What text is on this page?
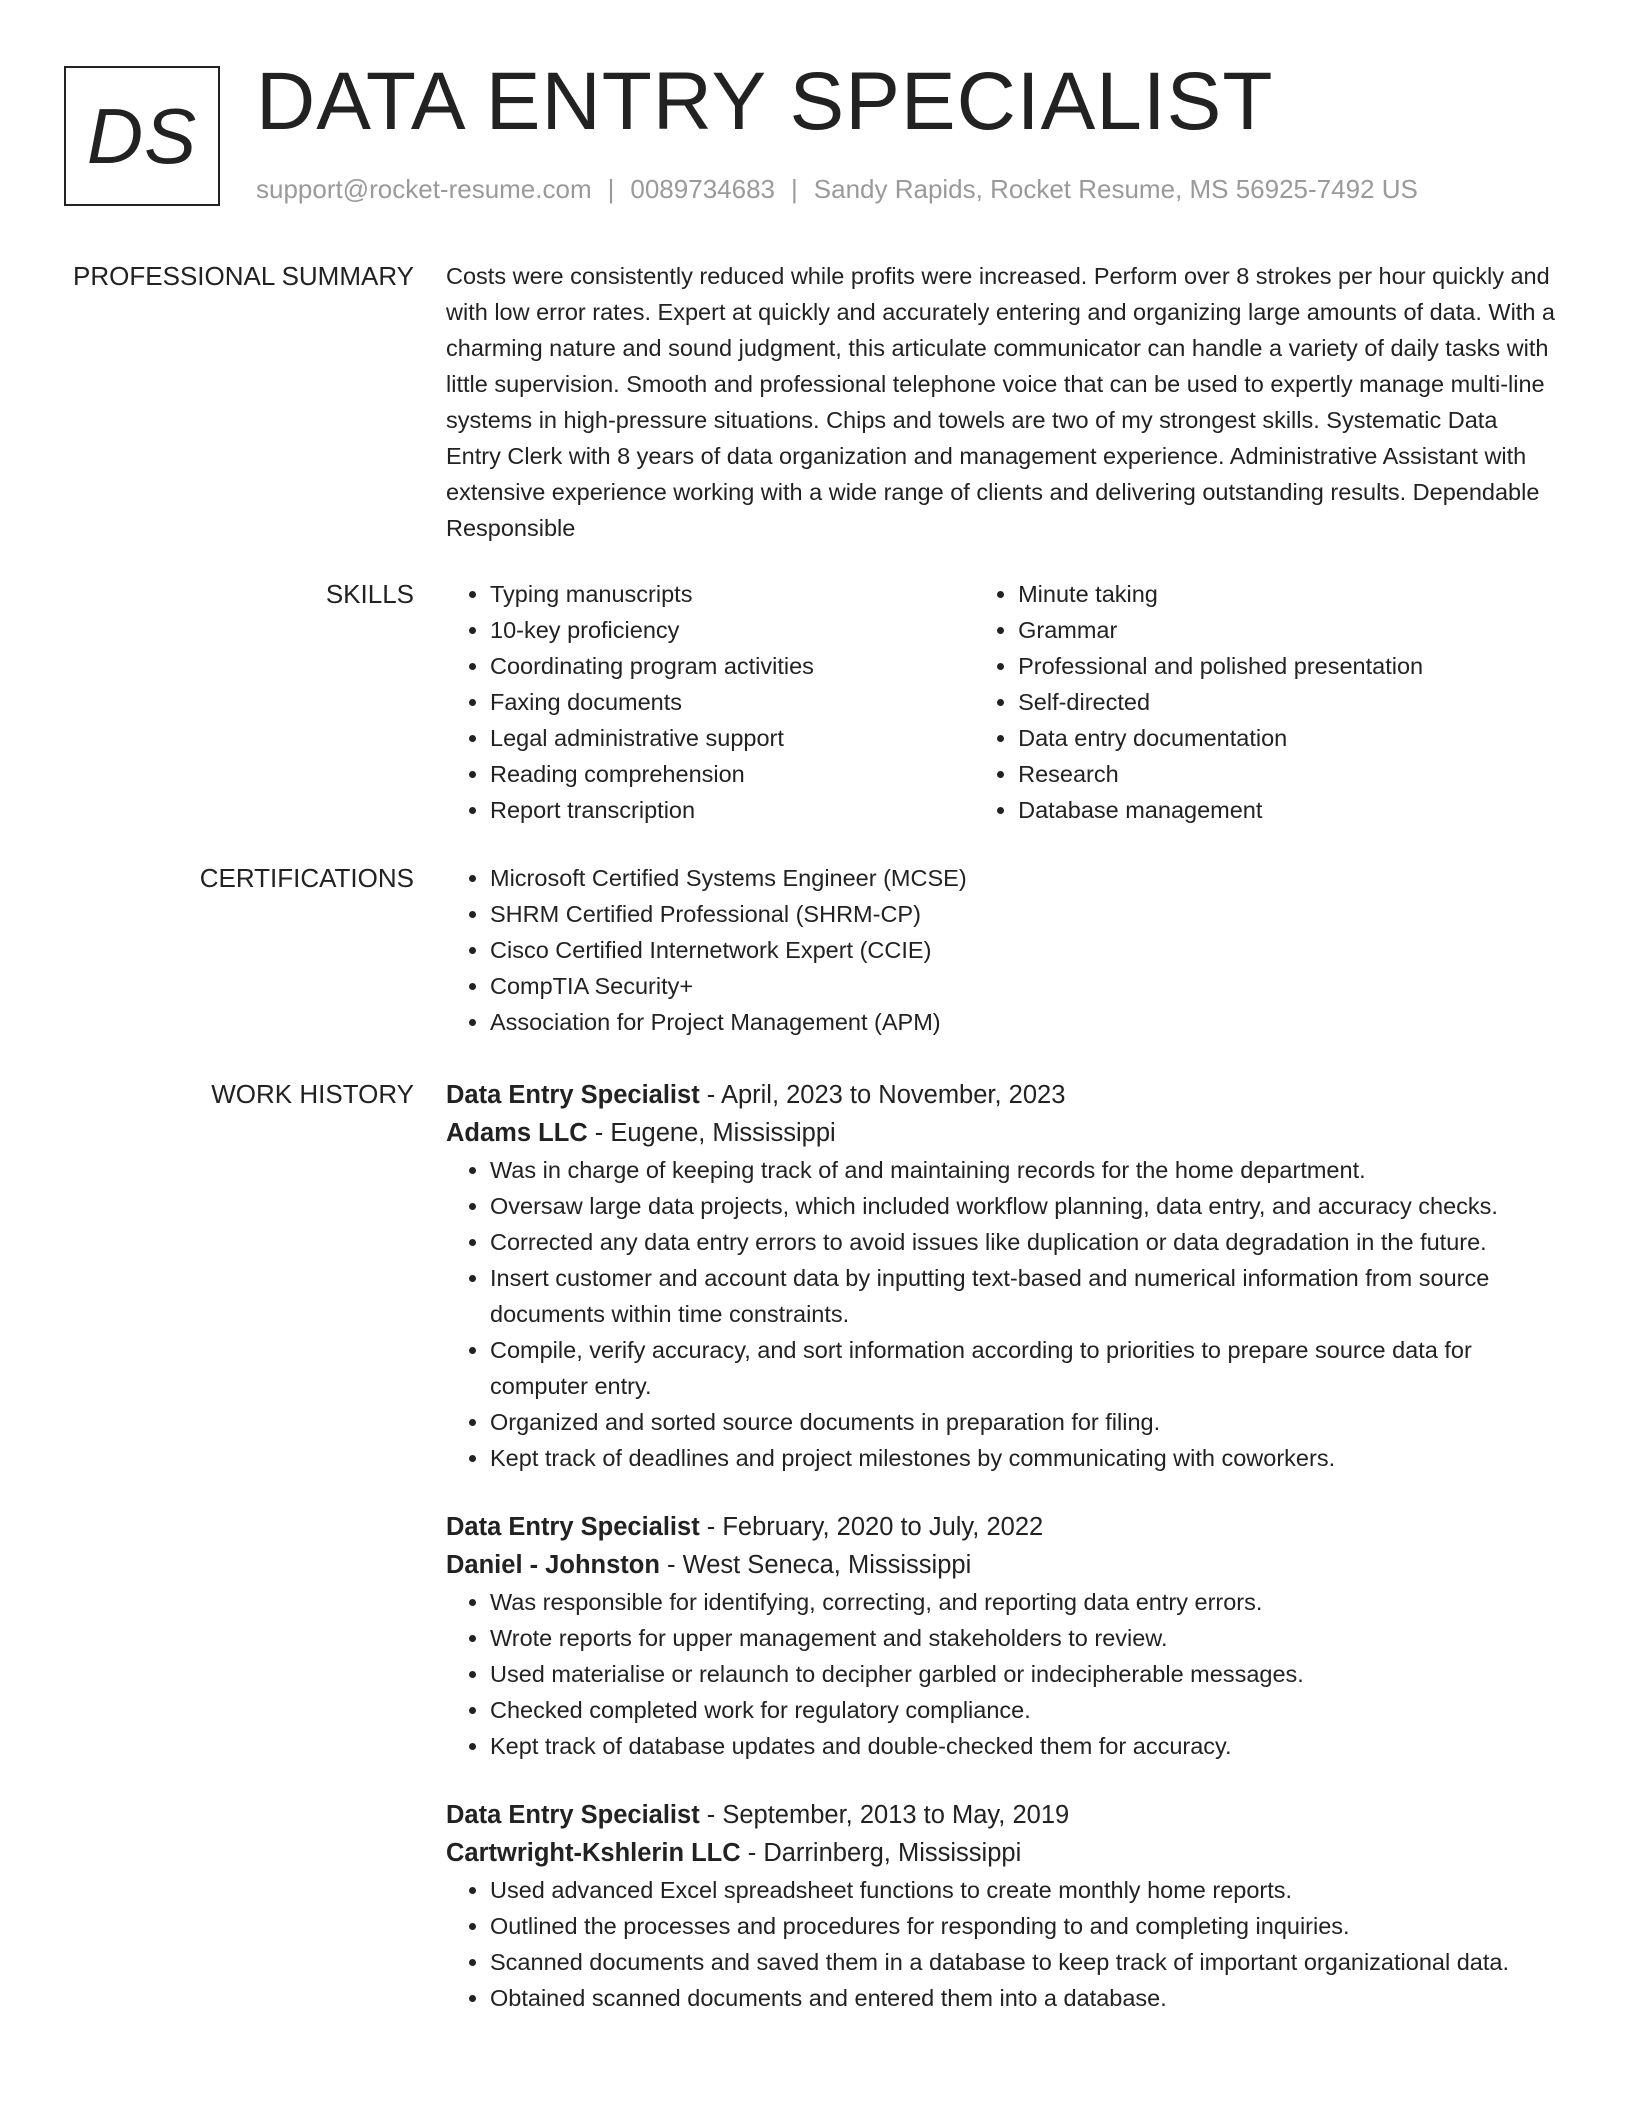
DS DATA ENTRY SPECIALIST
support@rocket-resume.com | 0089734683 | Sandy Rapids, Rocket Resume, MS 56925-7492 US
PROFESSIONAL SUMMARY Costs were consistently reduced while profits were increased. Perform over 8 strokes per hour quickly and with low error rates. Expert at quickly and accurately entering and organizing large amounts of data. With a charming nature and sound judgment, this articulate communicator can handle a variety of daily tasks with little supervision. Smooth and professional telephone voice that can be used to expertly manage multi-line systems in high-pressure situations. Chips and towels are two of my strongest skills. Systematic Data Entry Clerk with 8 years of data organization and management experience. Administrative Assistant with extensive experience working with a wide range of clients and delivering outstanding results. Dependable Responsible
SKILLS	• Typing manuscripts
• 10-key proficiency
• Coordinating program activities
• Faxing documents
• Legal administrative support
• Reading comprehension
• Report transcription
• Minute taking
• Grammar
• Professional and polished presentation
• Self-directed
• Data entry documentation
• Research
• Database management
CERTIFICATIONS	• Microsoft Certified Systems Engineer (MCSE)
• SHRM Certified Professional (SHRM-CP)
• Cisco Certified Internetwork Expert (CCIE)
• CompTIA Security+
• Association for Project Management (APM)
WORK HISTORY Data Entry Specialist - April, 2023 to November, 2023
Adams LLC - Eugene, Mississippi
• Was in charge of keeping track of and maintaining records for the home department.
• Oversaw large data projects, which included workflow planning, data entry, and accuracy checks.
• Corrected any data entry errors to avoid issues like duplication or data degradation in the future.
• Insert customer and account data by inputting text-based and numerical information from source documents within time constraints.
• Compile, verify accuracy, and sort information according to priorities to prepare source data for computer entry.
• Organized and sorted source documents in preparation for filing.
• Kept track of deadlines and project milestones by communicating with coworkers.
Data Entry Specialist - February, 2020 to July, 2022
Daniel - Johnston - West Seneca, Mississippi
• Was responsible for identifying, correcting, and reporting data entry errors.
• Wrote reports for upper management and stakeholders to review.
• Used materialise or relaunch to decipher garbled or indecipherable messages.
• Checked completed work for regulatory compliance.
• Kept track of database updates and double-checked them for accuracy.
Data Entry Specialist - September, 2013 to May, 2019
Cartwright-Kshlerin LLC - Darrinberg, Mississippi
• Used advanced Excel spreadsheet functions to create monthly home reports.
• Outlined the processes and procedures for responding to and completing inquiries.
• Scanned documents and saved them in a database to keep track of important organizational data.
• Obtained scanned documents and entered them into a database.
